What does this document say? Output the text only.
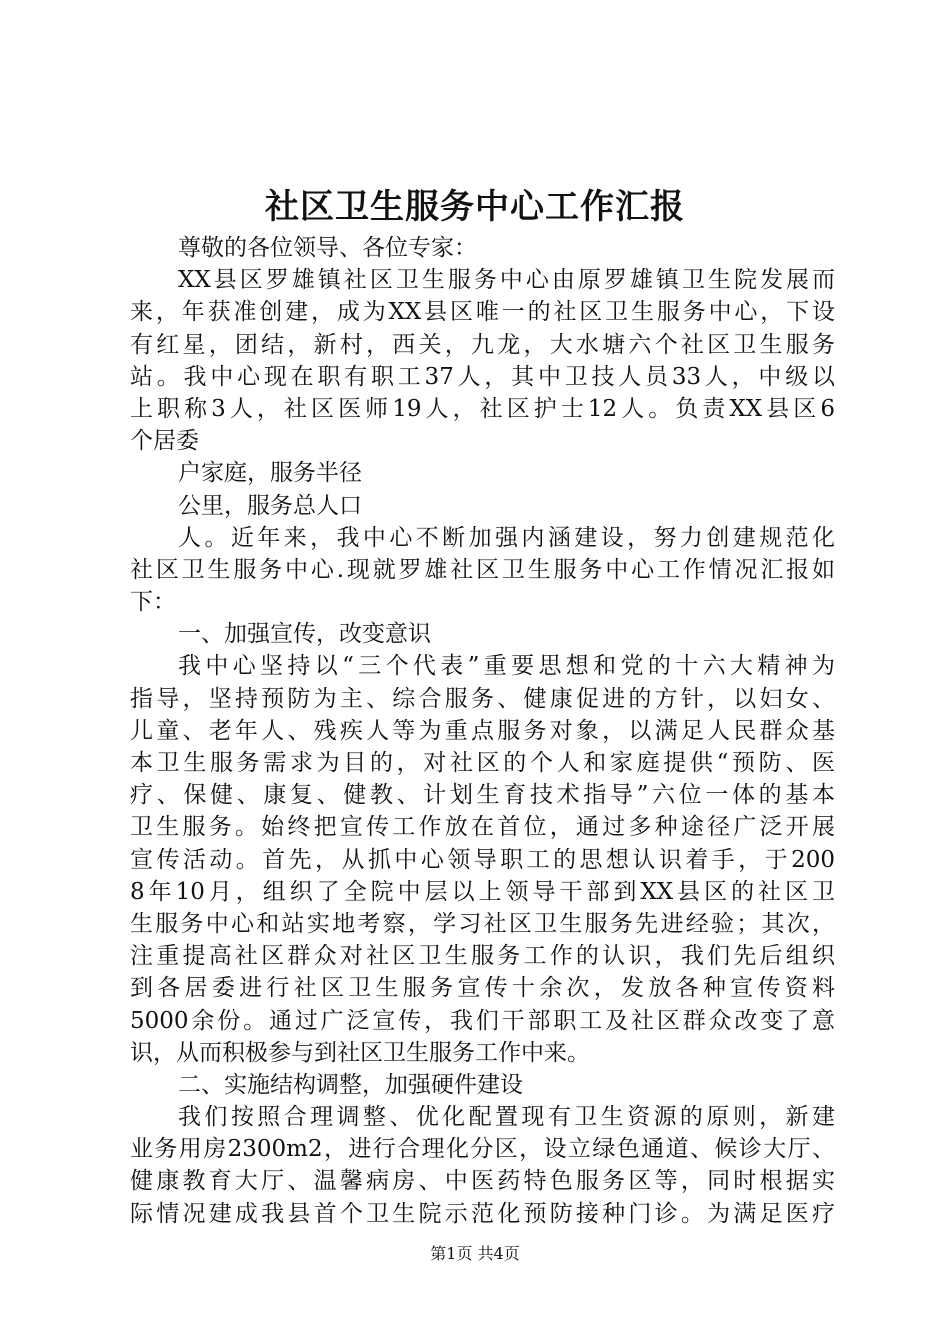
社区卫生服务中心工作汇报
尊敬的各位领导、各位专家：
XX县区罗雄镇社区卫生服务中心由原罗雄镇卫生院发展而
来，年获准创建，成为XX县区唯一的社区卫生服务中心，下设
有红星，团结，新村，西关，九龙，大水塘六个社区卫生服务
站。我中心现在职有职工37人，其中卫技人员33人，中级以
上职称3人，社区医师19人，社区护士12人。负责XX县区6
个居委
户家庭，服务半径
公里，服务总人口
人。近年来，我中心不断加强内涵建设，努力创建规范化
社区卫生服务中心.现就罗雄社区卫生服务中心工作情况汇报如
下：
一、加强宣传，改变意识
我中心坚持以“三个代表”重要思想和党的十六大精神为
指导，坚持预防为主、综合服务、健康促进的方针，以妇女、
儿童、老年人、残疾人等为重点服务对象，以满足人民群众基
本卫生服务需求为目的，对社区的个人和家庭提供“预防、医
疗、保健、康复、健教、计划生育技术指导”六位一体的基本
卫生服务。始终把宣传工作放在首位，通过多种途径广泛开展
宣传活动。首先，从抓中心领导职工的思想认识着手，于200
8年10月，组织了全院中层以上领导干部到XX县区的社区卫
生服务中心和站实地考察，学习社区卫生服务先进经验；其次，
注重提高社区群众对社区卫生服务工作的认识，我们先后组织
到各居委进行社区卫生服务宣传十余次，发放各种宣传资料
5000余份。通过广泛宣传，我们干部职工及社区群众改变了意
识，从而积极参与到社区卫生服务工作中来。
二、实施结构调整，加强硬件建设
我们按照合理调整、优化配置现有卫生资源的原则，新建
业务用房2300m2，进行合理化分区，设立绿色通道、候诊大厅、
健康教育大厅、温馨病房、中医药特色服务区等，同时根据实
际情况建成我县首个卫生院示范化预防接种门诊。为满足医疗
第1页 共4页
